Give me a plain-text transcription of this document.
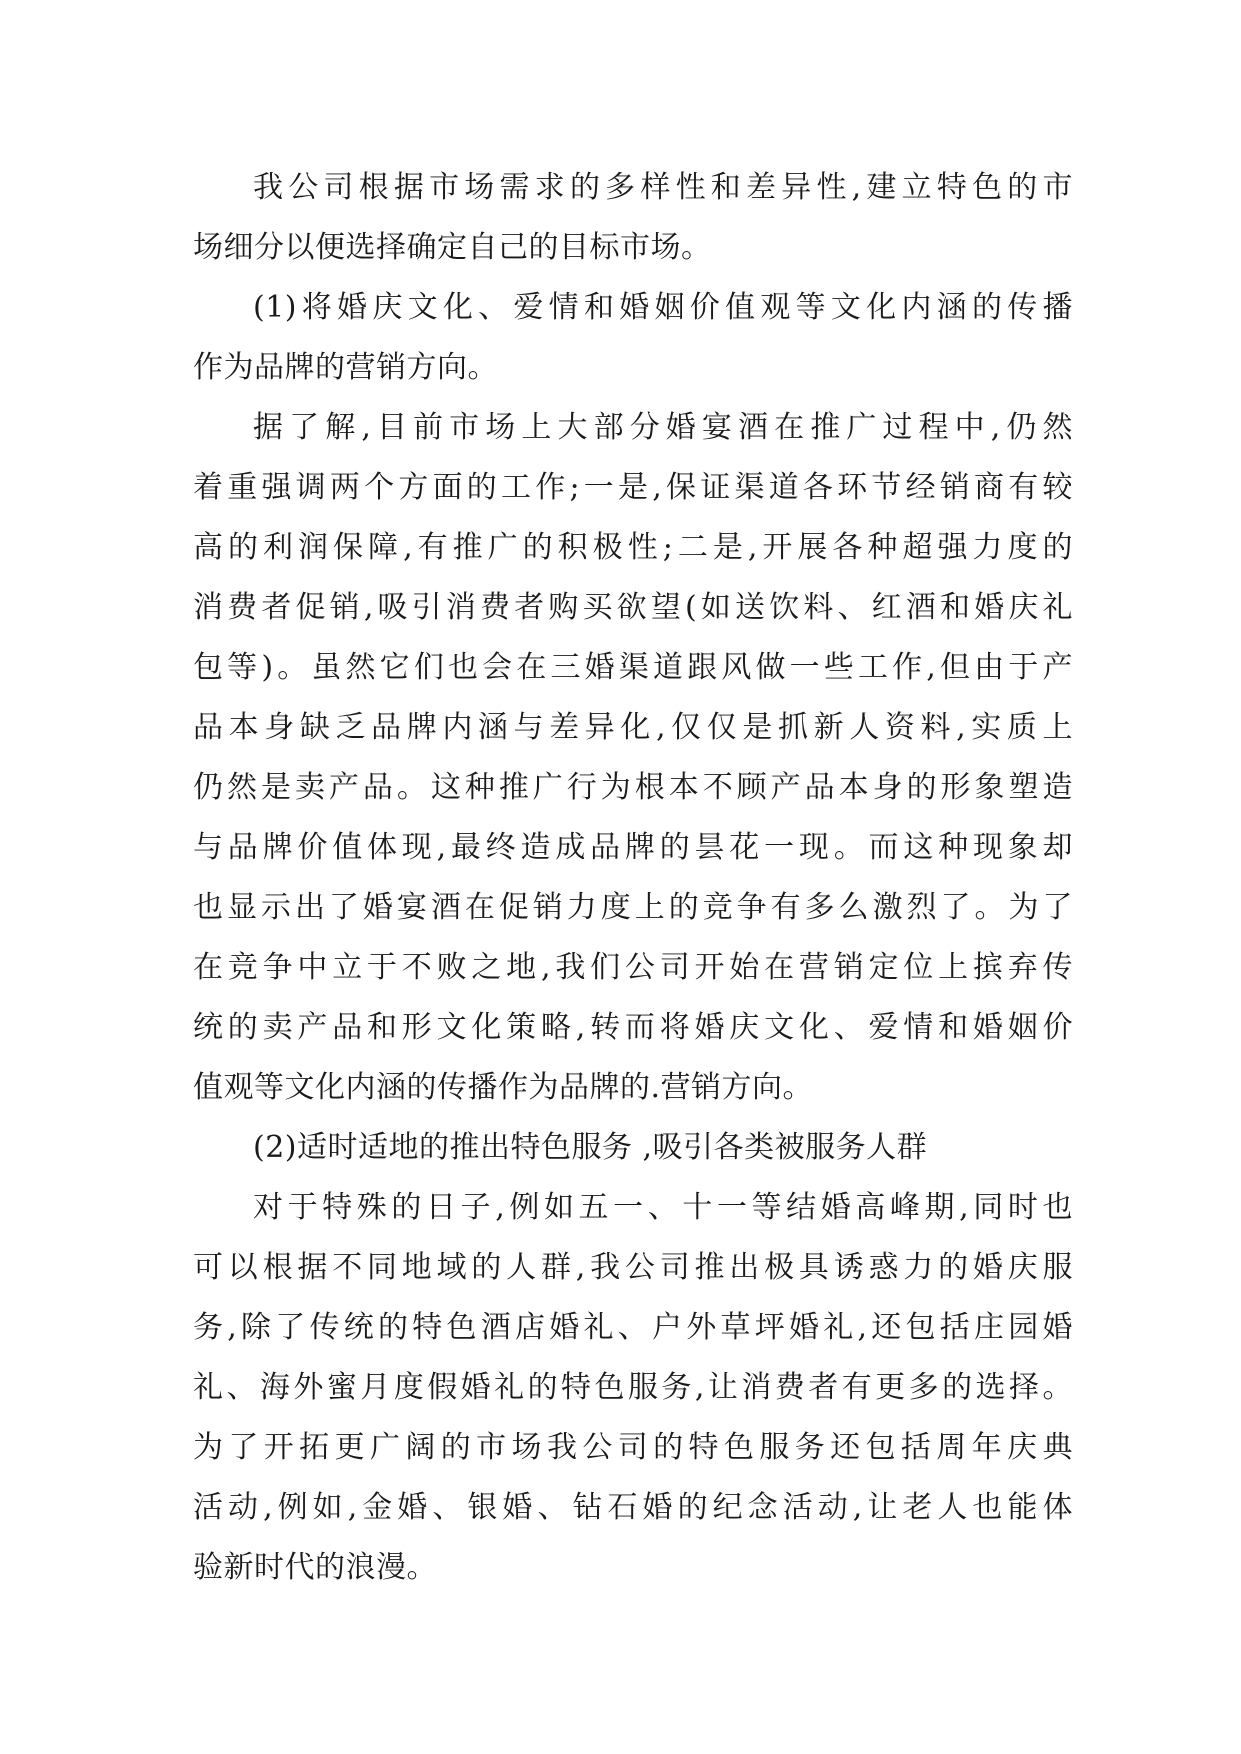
我公司根据市场需求的多样性和差异性,建立特色的市
场细分以便选择确定自己的目标市场。
(1)将婚庆文化、爱情和婚姻价值观等文化内涵的传播
作为品牌的营销方向。
据了解,目前市场上大部分婚宴酒在推广过程中,仍然
着重强调两个方面的工作;一是,保证渠道各环节经销商有较
高的利润保障,有推广的积极性;二是,开展各种超强力度的
消费者促销,吸引消费者购买欲望(如送饮料、红酒和婚庆礼
包等)。虽然它们也会在三婚渠道跟风做一些工作,但由于产
品本身缺乏品牌内涵与差异化,仅仅是抓新人资料,实质上
仍然是卖产品。这种推广行为根本不顾产品本身的形象塑造
与品牌价值体现,最终造成品牌的昙花一现。而这种现象却
也显示出了婚宴酒在促销力度上的竞争有多么激烈了。为了
在竞争中立于不败之地,我们公司开始在营销定位上摈弃传
统的卖产品和形文化策略,转而将婚庆文化、爱情和婚姻价
值观等文化内涵的传播作为品牌的.营销方向。
(2)适时适地的推出特色服务 ,吸引各类被服务人群
对于特殊的日子,例如五一、十一等结婚高峰期,同时也
可以根据不同地域的人群,我公司推出极具诱惑力的婚庆服
务,除了传统的特色酒店婚礼、户外草坪婚礼,还包括庄园婚
礼、海外蜜月度假婚礼的特色服务,让消费者有更多的选择。
为了开拓更广阔的市场我公司的特色服务还包括周年庆典
活动,例如,金婚、银婚、钻石婚的纪念活动,让老人也能体
验新时代的浪漫。
